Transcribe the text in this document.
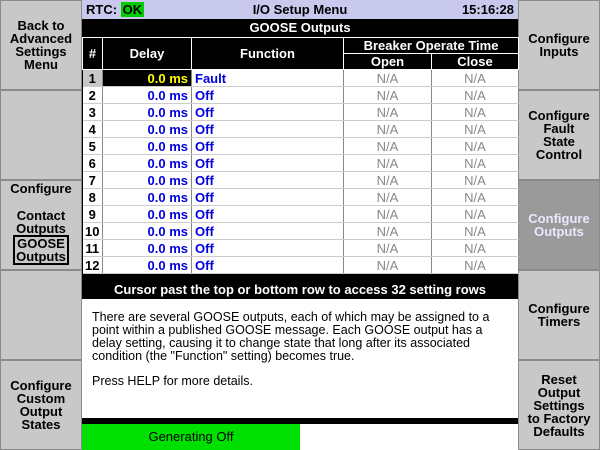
Back to
Advanced
Settings
Menu
Configure
Contact
Outputs
GOOSE
Outputs
Configure
Custom
Output
States
Configure
Inputs
Configure
Fault
State
Control
Configure
Outputs
Configure
Timers
Reset
Output
Settings
to Factory
Defaults
RTC: OK	I/O Setup Menu	15:16:28
GOOSE Outputs
#	Delay	Function	Breaker Operate Time	
			Open	Close
1	0.0 ms	Fault	N/A	N/A
2	0.0 ms	Off	N/A	N/A
3	0.0 ms	Off	N/A	N/A
4	0.0 ms	Off	N/A	N/A
5	0.0 ms	Off	N/A	N/A
6	0.0 ms	Off	N/A	N/A
7	0.0 ms	Off	N/A	N/A
8	0.0 ms	Off	N/A	N/A
9	0.0 ms	Off	N/A	N/A
10	0.0 ms	Off	N/A	N/A
11	0.0 ms	Off	N/A	N/A
12	0.0 ms	Off	N/A	N/A
Cursor past the top or bottom row to access 32 setting rows

There are several GOOSE outputs, each of which may be assigned to a point within a published GOOSE message. Each GOOSE output has a delay setting, causing it to change state that long after its associated condition (the "Function" setting) becomes true.

Press HELP for more details.

Generating Off
